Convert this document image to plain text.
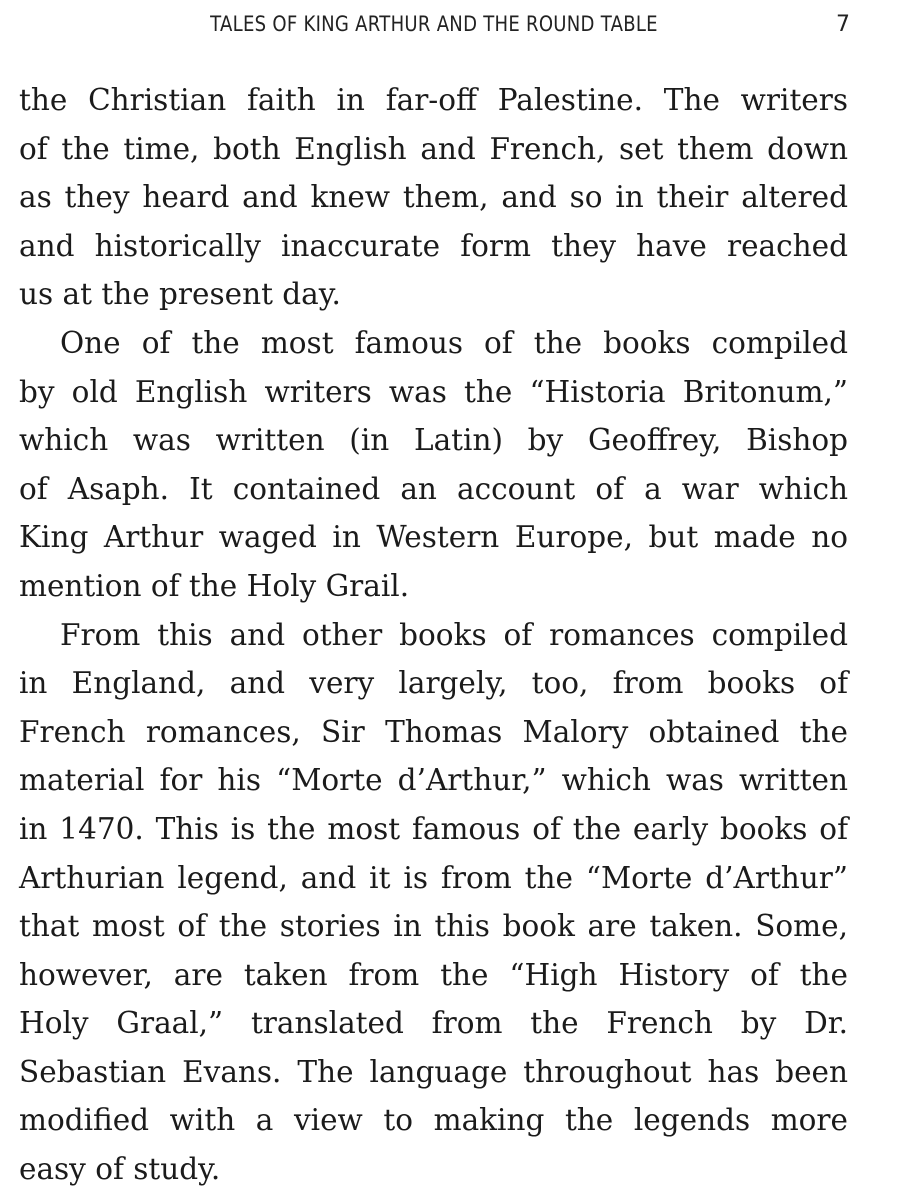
TALES OF KING ARTHUR AND THE ROUND TABLE	7
the Christian faith in far-off Palestine. The writers
of the time, both English and French, set them down
as they heard and knew them, and so in their altered
and historically inaccurate form they have reached
us at the present day.
One of the most famous of the books compiled
by old English writers was the “Historia Britonum,”
which was written (in Latin) by Geoffrey, Bishop
of Asaph. It contained an account of a war which
King Arthur waged in Western Europe, but made no
mention of the Holy Grail.
From this and other books of romances compiled
in England, and very largely, too, from books of
French romances, Sir Thomas Malory obtained the
material for his “Morte d’Arthur,” which was written
in 1470. This is the most famous of the early books of
Arthurian legend, and it is from the “Morte d’Arthur”
that most of the stories in this book are taken. Some,
however, are taken from the “High History of the
Holy Graal,” translated from the French by Dr.
Sebastian Evans. The language throughout has been
modified with a view to making the legends more
easy of study.
